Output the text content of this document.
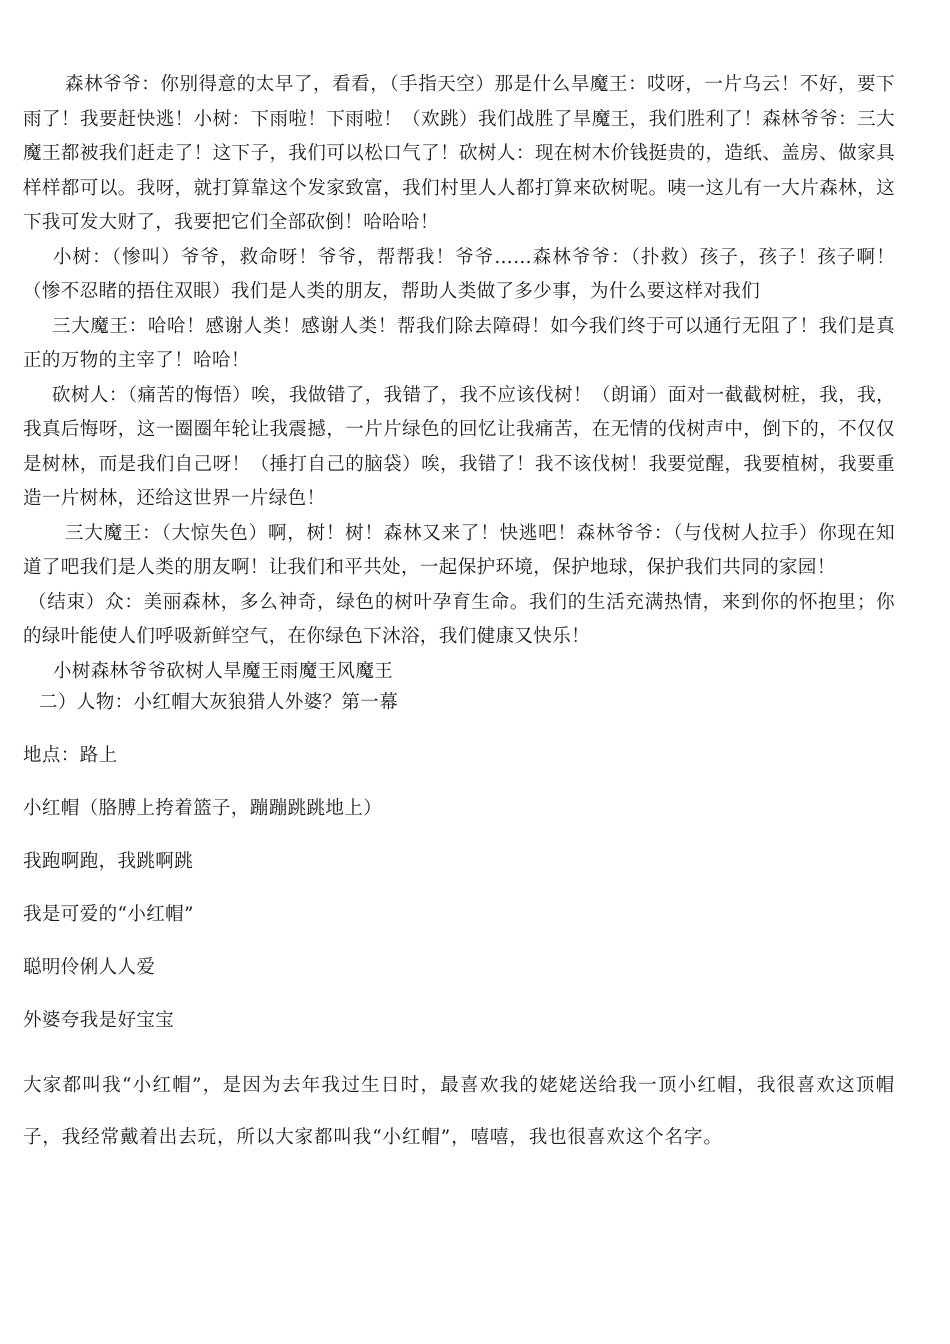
森林爷爷：你别得意的太早了，看看，（手指天空）那是什么旱魔王：哎呀，一片乌云！不好，要下雨了！我要赶快逃！小树：下雨啦！下雨啦！（欢跳）我们战胜了旱魔王，我们胜利了！森林爷爷：三大魔王都被我们赶走了！这下子，我们可以松口气了！砍树人：现在树木价钱挺贵的，造纸、盖房、做家具样样都可以。我呀，就打算靠这个发家致富，我们村里人人都打算来砍树呢。咦一这儿有一大片森林，这下我可发大财了，我要把它们全部砍倒！哈哈哈！

小树：（惨叫）爷爷，救命呀！爷爷，帮帮我！爷爷……森林爷爷：（扑救）孩子，孩子！孩子啊！（惨不忍睹的捂住双眼）我们是人类的朋友，帮助人类做了多少事，为什么要这样对我们

三大魔王：哈哈！感谢人类！感谢人类！帮我们除去障碍！如今我们终于可以通行无阻了！我们是真正的万物的主宰了！哈哈！

砍树人：（痛苦的悔悟）唉，我做错了，我错了，我不应该伐树！（朗诵）面对一截截树桩，我，我，我真后悔呀，这一圈圈年轮让我震撼，一片片绿色的回忆让我痛苦，在无情的伐树声中，倒下的，不仅仅是树林，而是我们自己呀！（捶打自己的脑袋）唉，我错了！我不该伐树！我要觉醒，我要植树，我要重造一片树林，还给这世界一片绿色！

三大魔王：（大惊失色）啊，树！树！森林又来了！快逃吧！森林爷爷：（与伐树人拉手）你现在知道了吧我们是人类的朋友啊！让我们和平共处，一起保护环境，保护地球，保护我们共同的家园！

（结束）众：美丽森林，多么神奇，绿色的树叶孕育生命。我们的生活充满热情，来到你的怀抱里；你的绿叶能使人们呼吸新鲜空气，在你绿色下沐浴，我们健康又快乐！

小树森林爷爷砍树人旱魔王雨魔王风魔王

二）人物：小红帽大灰狼猎人外婆？第一幕

地点：路上

小红帽（胳膊上挎着篮子，蹦蹦跳跳地上）

我跑啊跑，我跳啊跳

我是可爱的“小红帽”

聪明伶俐人人爱

外婆夸我是好宝宝

大家都叫我“小红帽”，是因为去年我过生日时，最喜欢我的姥姥送给我一顶小红帽，我很喜欢这顶帽子，我经常戴着出去玩，所以大家都叫我“小红帽”，嘻嘻，我也很喜欢这个名字。
